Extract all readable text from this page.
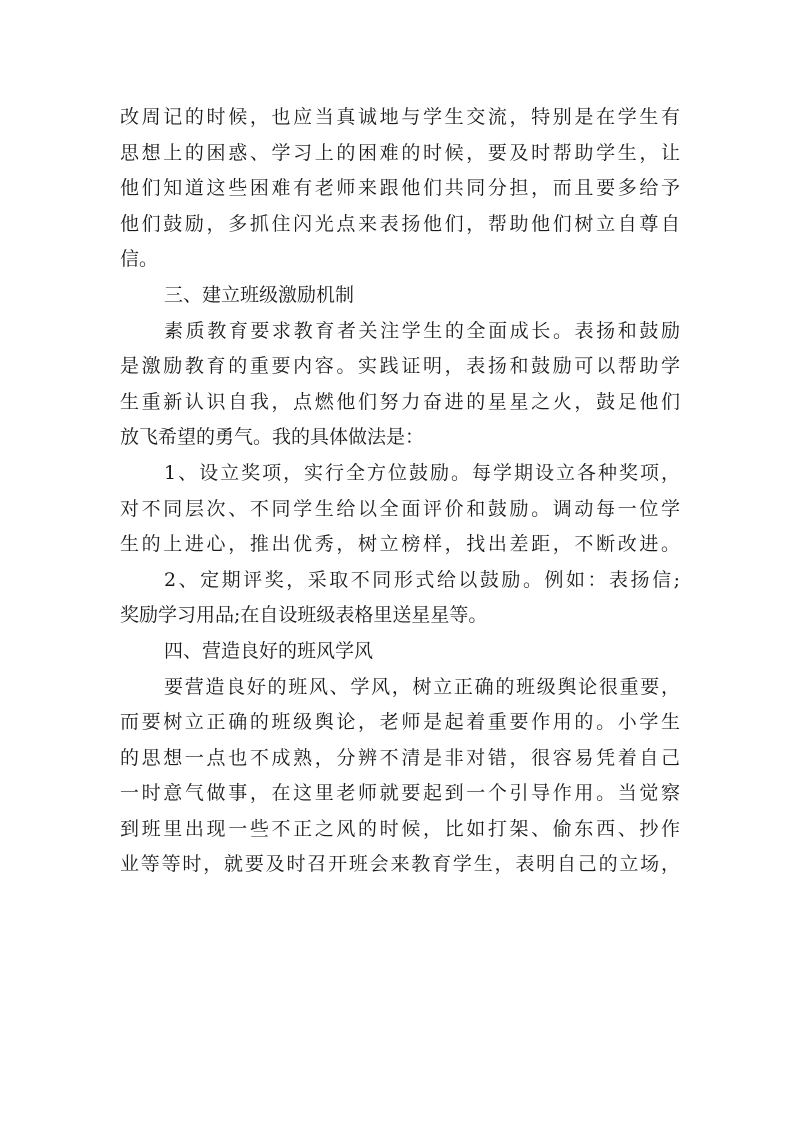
改周记的时候，也应当真诚地与学生交流，特别是在学生有
思想上的困惑、学习上的困难的时候，要及时帮助学生，让
他们知道这些困难有老师来跟他们共同分担，而且要多给予
他们鼓励，多抓住闪光点来表扬他们，帮助他们树立自尊自
信。
三、建立班级激励机制
素质教育要求教育者关注学生的全面成长。表扬和鼓励
是激励教育的重要内容。实践证明，表扬和鼓励可以帮助学
生重新认识自我，点燃他们努力奋进的星星之火，鼓足他们
放飞希望的勇气。我的具体做法是：
1、设立奖项，实行全方位鼓励。每学期设立各种奖项，
对不同层次、不同学生给以全面评价和鼓励。调动每一位学
生的上进心，推出优秀，树立榜样，找出差距，不断改进。
2、定期评奖，采取不同形式给以鼓励。例如：表扬信;
奖励学习用品;在自设班级表格里送星星等。
四、营造良好的班风学风
要营造良好的班风、学风，树立正确的班级舆论很重要，
而要树立正确的班级舆论，老师是起着重要作用的。小学生
的思想一点也不成熟，分辨不清是非对错，很容易凭着自己
一时意气做事，在这里老师就要起到一个引导作用。当觉察
到班里出现一些不正之风的时候，比如打架、偷东西、抄作
业等等时，就要及时召开班会来教育学生，表明自己的立场，
